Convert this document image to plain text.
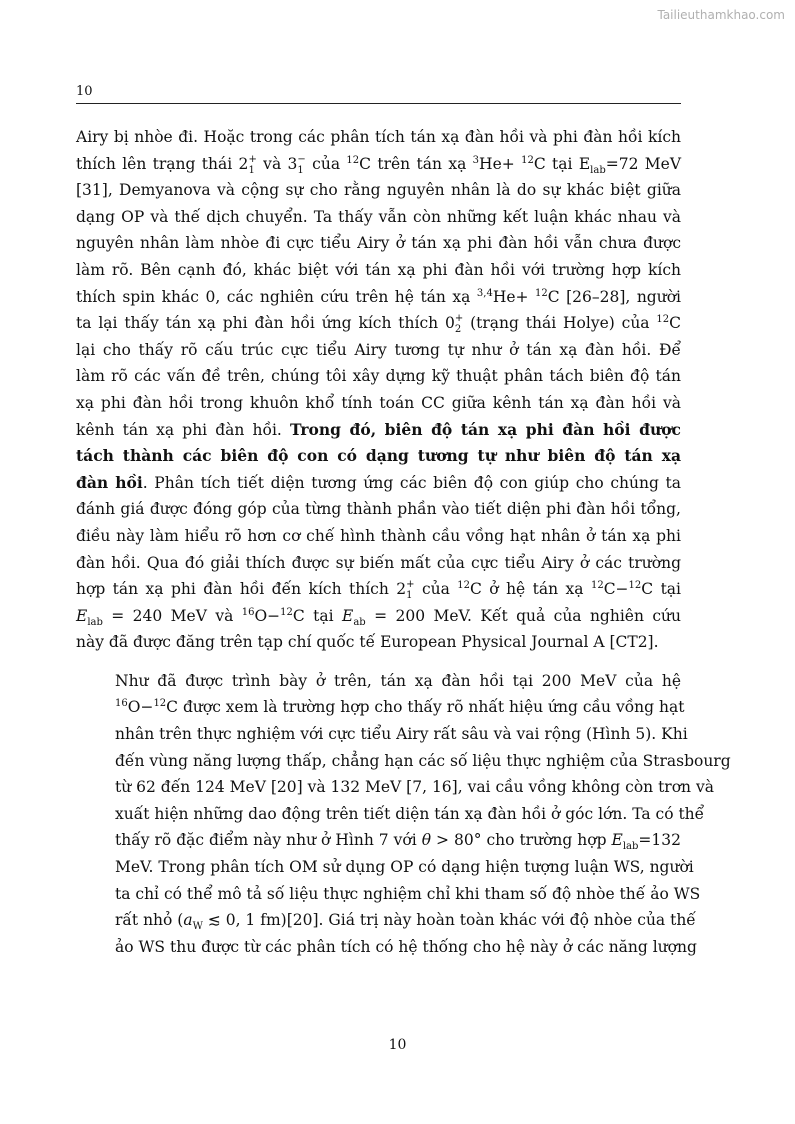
Tailieuthamkhao.com
10

Airy bị nhòe đi. Hoặc trong các phân tích tán xạ đàn hồi và phi đàn hồi kích
thích lên trạng thái 2 +
1 và 3 −
1 của $^{12}$C trên tán xạ $^3$He+ $^{12}$C tại $E_{lab}=72$ MeV
[31], Demyanova và cộng sự cho rằng nguyên nhân là do sự khác biệt giữa
dạng OP và thế dịch chuyển. Ta thấy vẫn còn những kết luận khác nhau và
nguyên nhân làm nhòe đi cực tiểu Airy ở tán xạ phi đàn hồi vẫn chưa được
làm rõ. Bên cạnh đó, khác biệt với tán xạ phi đàn hồi với trường hợp kích
thích spin khác 0, các nghiên cứu trên hệ tán xạ $^{3,4}$He+ $^{12}$C [26–28], người
ta lại thấy tán xạ phi đàn hồi ứng kích thích 0 +
2 (trạng thái Holye) của $^{12}$C
lại cho thấy rõ cấu trúc cực tiểu Airy tương tự như ở tán xạ đàn hồi. Để
làm rõ các vấn đề trên, chúng tôi xây dựng kỹ thuật phân tách biên độ tán
xạ phi đàn hồi trong khuôn khổ tính toán CC giữa kênh tán xạ đàn hồi và
kênh tán xạ phi đàn hồi. Trong đó, biên độ tán xạ phi đàn hồi được
tách thành các biên độ con có dạng tương tự như biên độ tán xạ
đàn hồi. Phân tích tiết diện tương ứng các biên độ con giúp cho chúng ta
đánh giá được đóng góp của từng thành phần vào tiết diện phi đàn hồi tổng,
điều này làm hiểu rõ hơn cơ chế hình thành cầu vồng hạt nhân ở tán xạ phi
đàn hồi. Qua đó giải thích được sự biến mất của cực tiểu Airy ở các trường
hợp tán xạ phi đàn hồi đến kích thích 2 +
1 của $^{12}$C ở hệ tán xạ $^{12}$C−$^{12}$C tại
$E_{lab} = 240$ MeV và $^{16}$O−$^{12}$C tại $E_{ab} = 200$ MeV. Kết quả của nghiên cứu
này đã được đăng trên tạp chí quốc tế European Physical Journal A [CT2].

Như đã được trình bày ở trên, tán xạ đàn hồi tại 200 MeV của hệ
$^{16}$O−$^{12}$C được xem là trường hợp cho thấy rõ nhất hiệu ứng cầu vồng hạt
nhân trên thực nghiệm với cực tiểu Airy rất sâu và vai rộng (Hình 5). Khi
đến vùng năng lượng thấp, chẳng hạn các số liệu thực nghiệm của Strasbourg
từ 62 đến 124 MeV [20] và 132 MeV [7, 16], vai cầu vồng không còn trơn và
xuất hiện những dao động trên tiết diện tán xạ đàn hồi ở góc lớn. Ta có thể
thấy rõ đặc điểm này như ở Hình 7 với θ > 80° cho trường hợp $E_{lab}=132$
MeV. Trong phân tích OM sử dụng OP có dạng hiện tượng luận WS, người
ta chỉ có thể mô tả số liệu thực nghiệm chỉ khi tham số độ nhòe thế ảo WS
rất nhỏ ($a_W$ ≲ 0, 1 fm)[20]. Giá trị này hoàn toàn khác với độ nhòe của thế
ảo WS thu được từ các phân tích có hệ thống cho hệ này ở các năng lượng

10
